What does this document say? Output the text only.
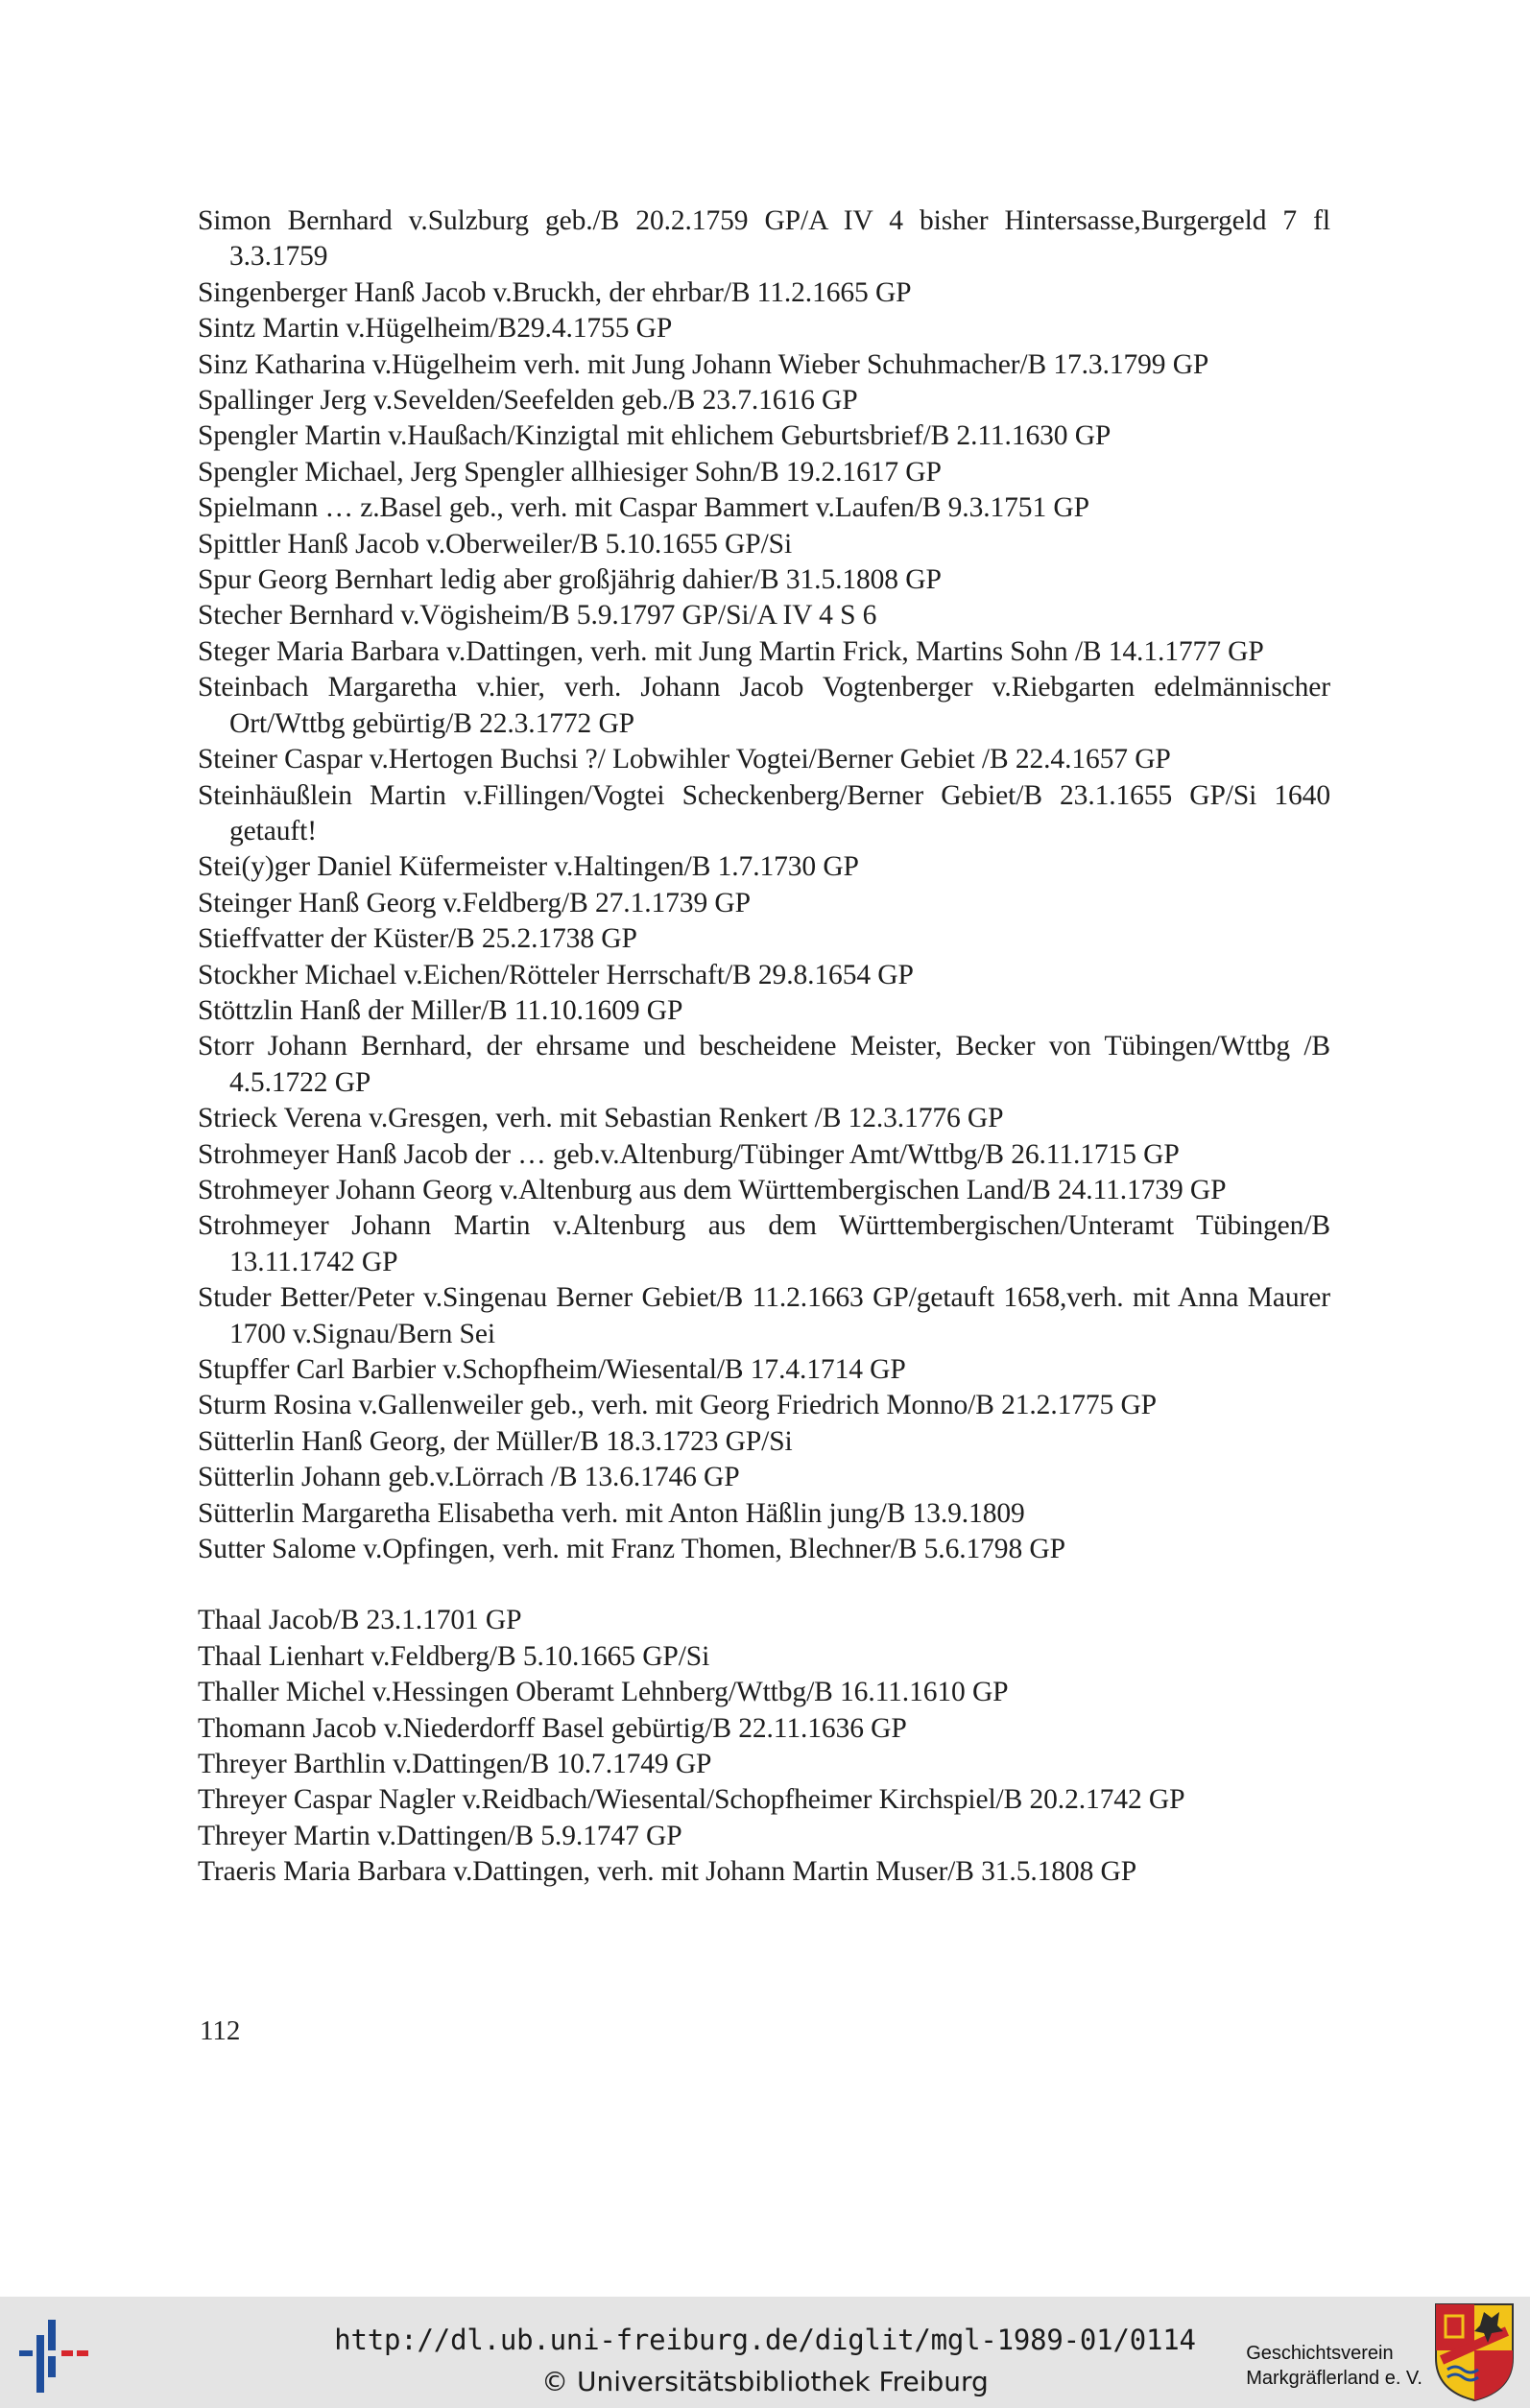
Simon Bernhard v.Sulzburg geb./B 20.2.1759 GP/A IV 4 bisher Hintersasse,Burgergeld 7 fl 3.3.1759

Singenberger Hanß Jacob v.Bruckh, der ehrbar/B 11.2.1665 GP

Sintz Martin v.Hügelheim/B29.4.1755 GP

Sinz Katharina v.Hügelheim verh. mit Jung Johann Wieber Schuhmacher/B 17.3.1799 GP

Spallinger Jerg v.Sevelden/Seefelden geb./B 23.7.1616 GP

Spengler Martin v.Haußach/Kinzigtal mit ehlichem Geburtsbrief/B 2.11.1630 GP

Spengler Michael, Jerg Spengler allhiesiger Sohn/B 19.2.1617 GP

Spielmann … z.Basel geb., verh. mit Caspar Bammert v.Laufen/B 9.3.1751 GP

Spittler Hanß Jacob v.Oberweiler/B 5.10.1655 GP/Si

Spur Georg Bernhart ledig aber großjährig dahier/B 31.5.1808 GP

Stecher Bernhard v.Vögisheim/B 5.9.1797 GP/Si/A IV 4 S 6

Steger Maria Barbara v.Dattingen, verh. mit Jung Martin Frick, Martins Sohn /B 14.1.1777 GP

Steinbach Margaretha v.hier, verh. Johann Jacob Vogtenberger v.Riebgarten edelmännischer Ort/Wttbg gebürtig/B 22.3.1772 GP

Steiner Caspar v.Hertogen Buchsi ?/ Lobwihler Vogtei/Berner Gebiet /B 22.4.1657 GP

Steinhäußlein Martin v.Fillingen/Vogtei Scheckenberg/Berner Gebiet/B 23.1.1655 GP/Si 1640 getauft!

Stei(y)ger Daniel Küfermeister v.Haltingen/B 1.7.1730 GP

Steinger Hanß Georg v.Feldberg/B 27.1.1739 GP

Stieffvatter der Küster/B 25.2.1738 GP

Stockher Michael v.Eichen/Rötteler Herrschaft/B 29.8.1654 GP

Stöttzlin Hanß der Miller/B 11.10.1609 GP

Storr Johann Bernhard, der ehrsame und bescheidene Meister, Becker von Tübingen/Wttbg /B 4.5.1722 GP

Strieck Verena v.Gresgen, verh. mit Sebastian Renkert /B 12.3.1776 GP

Strohmeyer Hanß Jacob der … geb.v.Altenburg/Tübinger Amt/Wttbg/B 26.11.1715 GP

Strohmeyer Johann Georg v.Altenburg aus dem Württembergischen Land/B 24.11.1739 GP

Strohmeyer Johann Martin v.Altenburg aus dem Württembergischen/Unteramt Tübingen/B 13.11.1742 GP

Studer Better/Peter v.Singenau Berner Gebiet/B 11.2.1663 GP/getauft 1658,verh. mit Anna Maurer 1700 v.Signau/Bern Sei

Stupffer Carl Barbier v.Schopfheim/Wiesental/B 17.4.1714 GP

Sturm Rosina v.Gallenweiler geb., verh. mit Georg Friedrich Monno/B 21.2.1775 GP

Sütterlin Hanß Georg, der Müller/B 18.3.1723 GP/Si

Sütterlin Johann geb.v.Lörrach /B 13.6.1746 GP

Sütterlin Margaretha Elisabetha verh. mit Anton Häßlin jung/B 13.9.1809

Sutter Salome v.Opfingen, verh. mit Franz Thomen, Blechner/B 5.6.1798 GP

Thaal Jacob/B 23.1.1701 GP

Thaal Lienhart v.Feldberg/B 5.10.1665 GP/Si

Thaller Michel v.Hessingen Oberamt Lehnberg/Wttbg/B 16.11.1610 GP

Thomann Jacob v.Niederdorff Basel gebürtig/B 22.11.1636 GP

Threyer Barthlin v.Dattingen/B 10.7.1749 GP

Threyer Caspar Nagler v.Reidbach/Wiesental/Schopfheimer Kirchspiel/B 20.2.1742 GP

Threyer Martin v.Dattingen/B 5.9.1747 GP

Traeris Maria Barbara v.Dattingen, verh. mit Johann Martin Muser/B 31.5.1808 GP

112
http://dl.ub.uni-freiburg.de/diglit/mgl-1989-01/0114
© Universitätsbibliothek Freiburg
Geschichtsverein
Markgräflerland e. V.
